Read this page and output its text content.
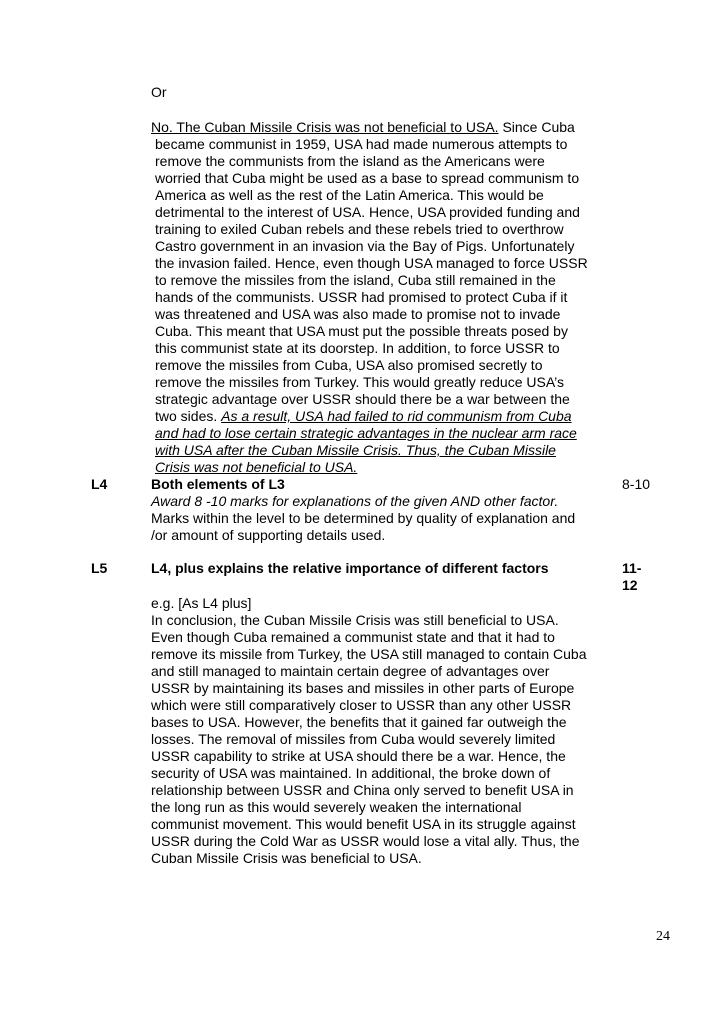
Or
No. The Cuban Missile Crisis was not beneficial to USA. Since Cuba
became communist in 1959, USA had made numerous attempts to
remove the communists from the island as the Americans were
worried that Cuba might be used as a base to spread communism to
America as well as the rest of the Latin America. This would be
detrimental to the interest of USA. Hence, USA provided funding and
training to exiled Cuban rebels and these rebels tried to overthrow
Castro government in an invasion via the Bay of Pigs. Unfortunately
the invasion failed. Hence, even though USA managed to force USSR
to remove the missiles from the island, Cuba still remained in the
hands of the communists. USSR had promised to protect Cuba if it
was threatened and USA was also made to promise not to invade
Cuba. This meant that USA must put the possible threats posed by
this communist state at its doorstep. In addition, to force USSR to
remove the missiles from Cuba, USA also promised secretly to
remove the missiles from Turkey. This would greatly reduce USA’s
strategic advantage over USSR should there be a war between the
two sides. As a result, USA had failed to rid communism from Cuba
and had to lose certain strategic advantages in the nuclear arm race
with USA after the Cuban Missile Crisis. Thus, the Cuban Missile
Crisis was not beneficial to USA.
L4	Both elements of L3	8-10
Award 8 -10 marks for explanations of the given AND other factor.
Marks within the level to be determined by quality of explanation and
/or amount of supporting details used.
L5	L4, plus explains the relative importance of different factors	11-
12
e.g. [As L4 plus]
In conclusion, the Cuban Missile Crisis was still beneficial to USA.
Even though Cuba remained a communist state and that it had to
remove its missile from Turkey, the USA still managed to contain Cuba
and still managed to maintain certain degree of advantages over
USSR by maintaining its bases and missiles in other parts of Europe
which were still comparatively closer to USSR than any other USSR
bases to USA. However, the benefits that it gained far outweigh the
losses. The removal of missiles from Cuba would severely limited
USSR capability to strike at USA should there be a war. Hence, the
security of USA was maintained. In additional, the broke down of
relationship between USSR and China only served to benefit USA in
the long run as this would severely weaken the international
communist movement. This would benefit USA in its struggle against
USSR during the Cold War as USSR would lose a vital ally. Thus, the
Cuban Missile Crisis was beneficial to USA.
24
